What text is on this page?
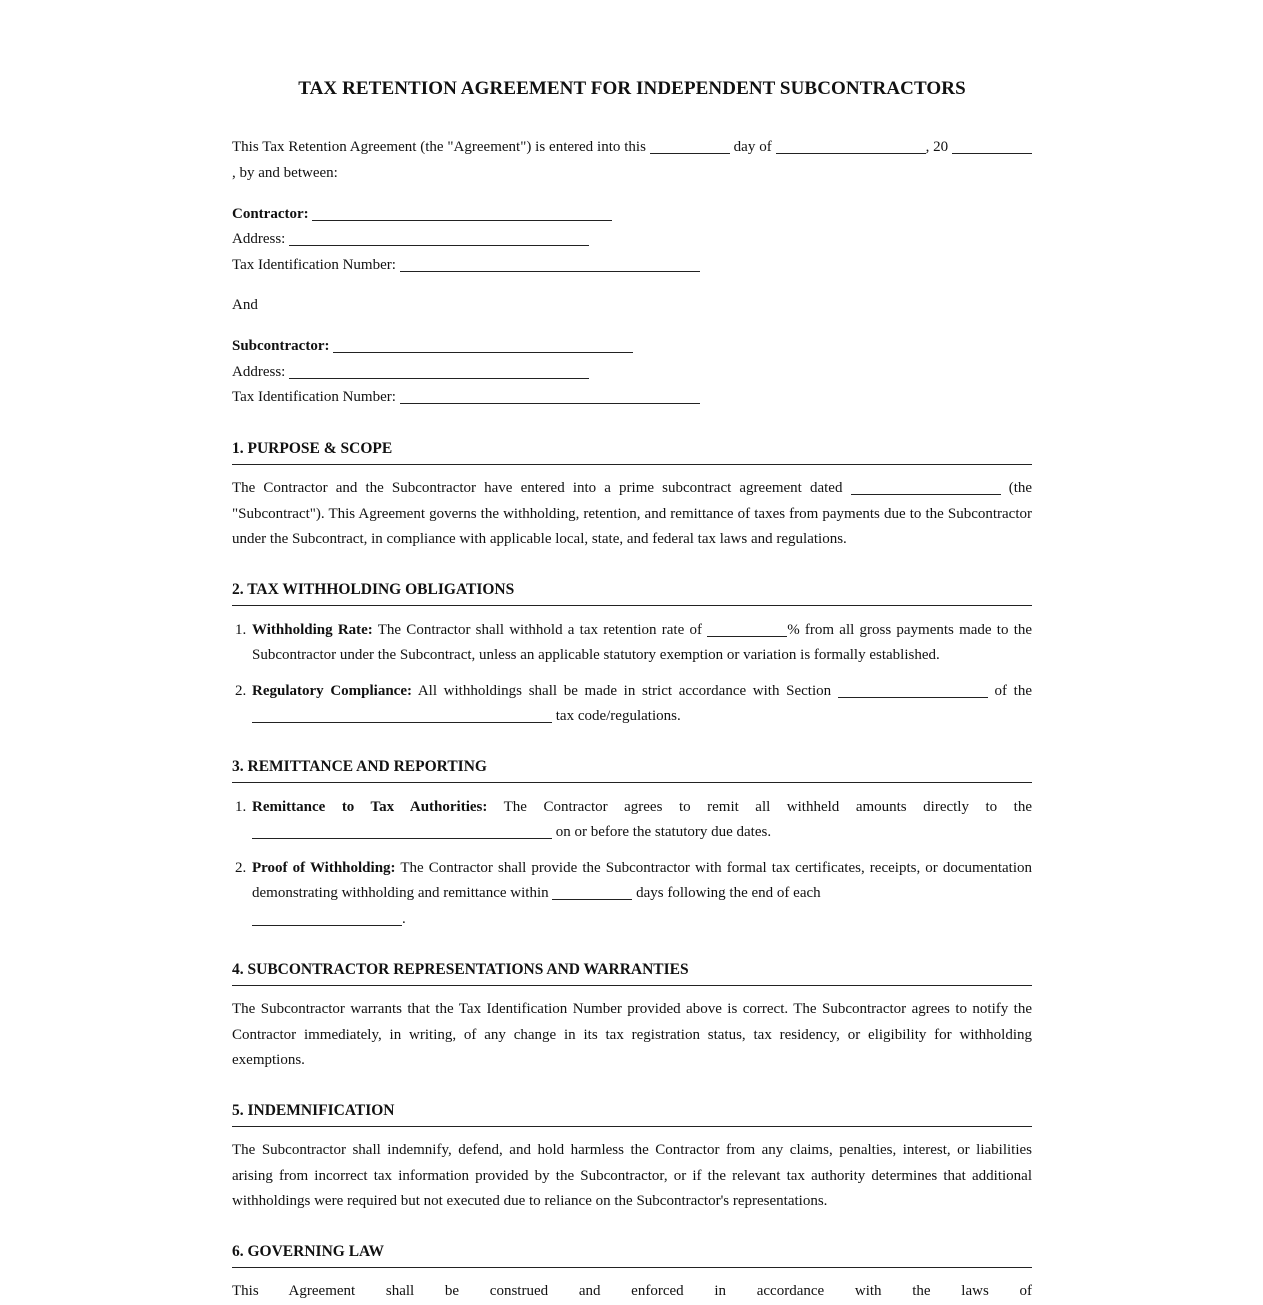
TAX RETENTION AGREEMENT FOR INDEPENDENT SUBCONTRACTORS
This Tax Retention Agreement (the "Agreement") is entered into this	day of	, 20 , by and between:
Contractor:
Address:
Tax Identification Number:
And
Subcontractor:
Address:
Tax Identification Number:
1. PURPOSE & SCOPE
The Contractor and the Subcontractor have entered into a prime subcontract agreement dated	(the "Subcontract"). This Agreement governs the withholding, retention, and remittance of taxes from payments due to the Subcontractor under the Subcontract, in compliance with applicable local, state, and federal tax laws and regulations.
2. TAX WITHHOLDING OBLIGATIONS
1. Withholding Rate: The Contractor shall withhold a tax retention rate of	% from all gross payments made to the Subcontractor under the Subcontract, unless an applicable statutory exemption or variation is formally established.
2. Regulatory Compliance: All withholdings shall be made in strict accordance with Section	of the
tax code/regulations.
3. REMITTANCE AND REPORTING
1. Remittance to Tax Authorities: The Contractor agrees to remit all withheld amounts directly to the
on or before the statutory due dates.
2. Proof of Withholding: The Contractor shall provide the Subcontractor with formal tax certificates, receipts, or documentation demonstrating withholding and remittance within	days following the end of each
.
4. SUBCONTRACTOR REPRESENTATIONS AND WARRANTIES
The Subcontractor warrants that the Tax Identification Number provided above is correct. The Subcontractor agrees to notify the Contractor immediately, in writing, of any change in its tax registration status, tax residency, or eligibility for withholding exemptions.
5. INDEMNIFICATION
The Subcontractor shall indemnify, defend, and hold harmless the Contractor from any claims, penalties, interest, or liabilities arising from incorrect tax information provided by the Subcontractor, or if the relevant tax authority determines that additional withholdings were required but not executed due to reliance on the Subcontractor's representations.
6. GOVERNING LAW
This Agreement shall be construed and enforced in accordance with the laws of
